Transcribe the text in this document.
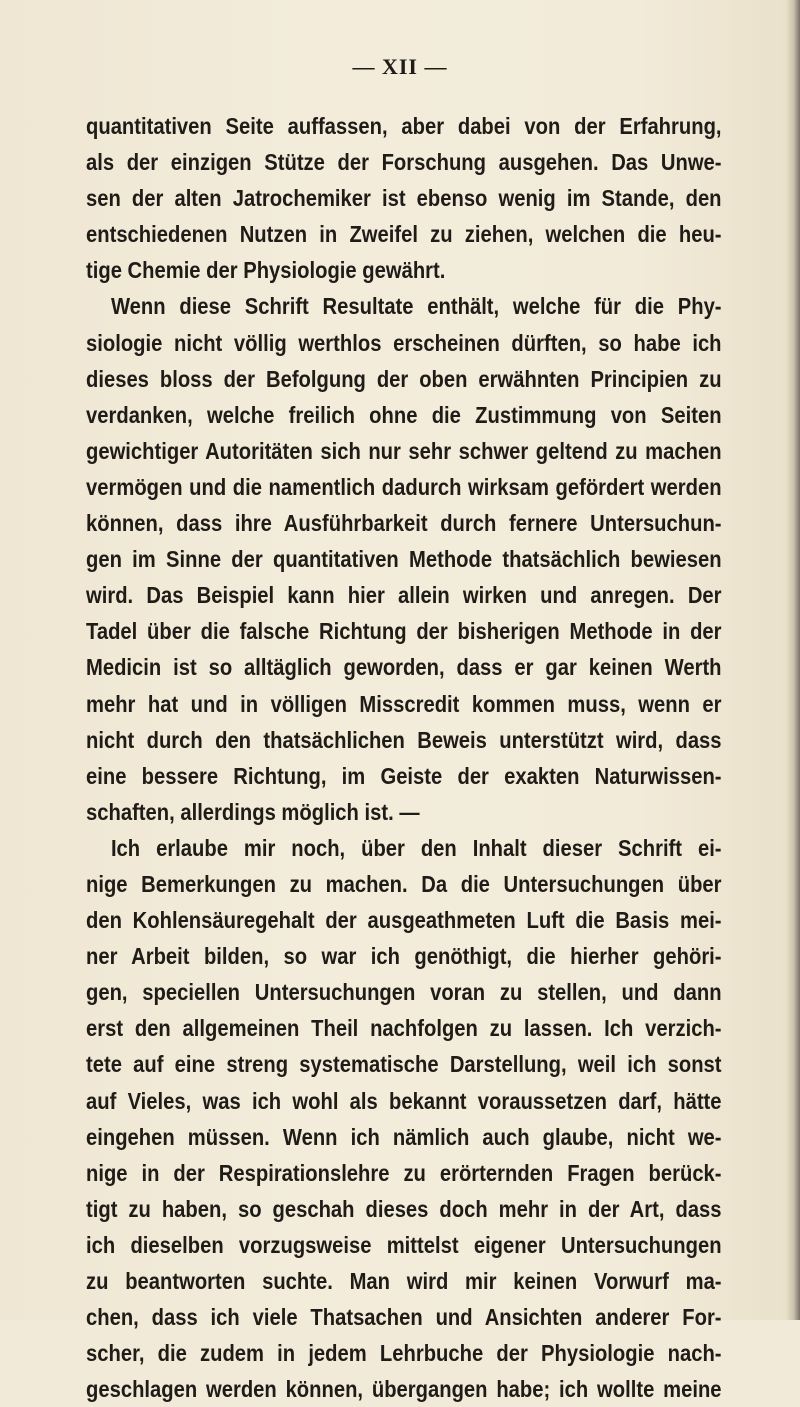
— XII —
quantitativen Seite auffassen, aber dabei von der Erfahrung,
als der einzigen Stütze der Forschung ausgehen. Das Unwe-
sen der alten Jatrochemiker ist ebenso wenig im Stande, den
entschiedenen Nutzen in Zweifel zu ziehen, welchen die heu-
tige Chemie der Physiologie gewährt.
Wenn diese Schrift Resultate enthält, welche für die Phy-
siologie nicht völlig werthlos erscheinen dürften, so habe ich
dieses bloss der Befolgung der oben erwähnten Principien zu
verdanken, welche freilich ohne die Zustimmung von Seiten
gewichtiger Autoritäten sich nur sehr schwer geltend zu machen
vermögen und die namentlich dadurch wirksam gefördert werden
können, dass ihre Ausführbarkeit durch fernere Untersuchun-
gen im Sinne der quantitativen Methode thatsächlich bewiesen
wird. Das Beispiel kann hier allein wirken und anregen. Der
Tadel über die falsche Richtung der bisherigen Methode in der
Medicin ist so alltäglich geworden, dass er gar keinen Werth
mehr hat und in völligen Misscredit kommen muss, wenn er
nicht durch den thatsächlichen Beweis unterstützt wird, dass
eine bessere Richtung, im Geiste der exakten Naturwissen-
schaften, allerdings möglich ist. —
Ich erlaube mir noch, über den Inhalt dieser Schrift ei-
nige Bemerkungen zu machen. Da die Untersuchungen über
den Kohlensäuregehalt der ausgeathmeten Luft die Basis mei-
ner Arbeit bilden, so war ich genöthigt, die hierher gehöri-
gen, speciellen Untersuchungen voran zu stellen, und dann
erst den allgemeinen Theil nachfolgen zu lassen. Ich verzich-
tete auf eine streng systematische Darstellung, weil ich sonst
auf Vieles, was ich wohl als bekannt voraussetzen darf, hätte
eingehen müssen. Wenn ich nämlich auch glaube, nicht we-
nige in der Respirationslehre zu erörternden Fragen berück-
tigt zu haben, so geschah dieses doch mehr in der Art, dass
ich dieselben vorzugsweise mittelst eigener Untersuchungen
zu beantworten suchte. Man wird mir keinen Vorwurf ma-
chen, dass ich viele Thatsachen und Ansichten anderer For-
scher, die zudem in jedem Lehrbuche der Physiologie nach-
geschlagen werden können, übergangen habe; ich wollte meine
